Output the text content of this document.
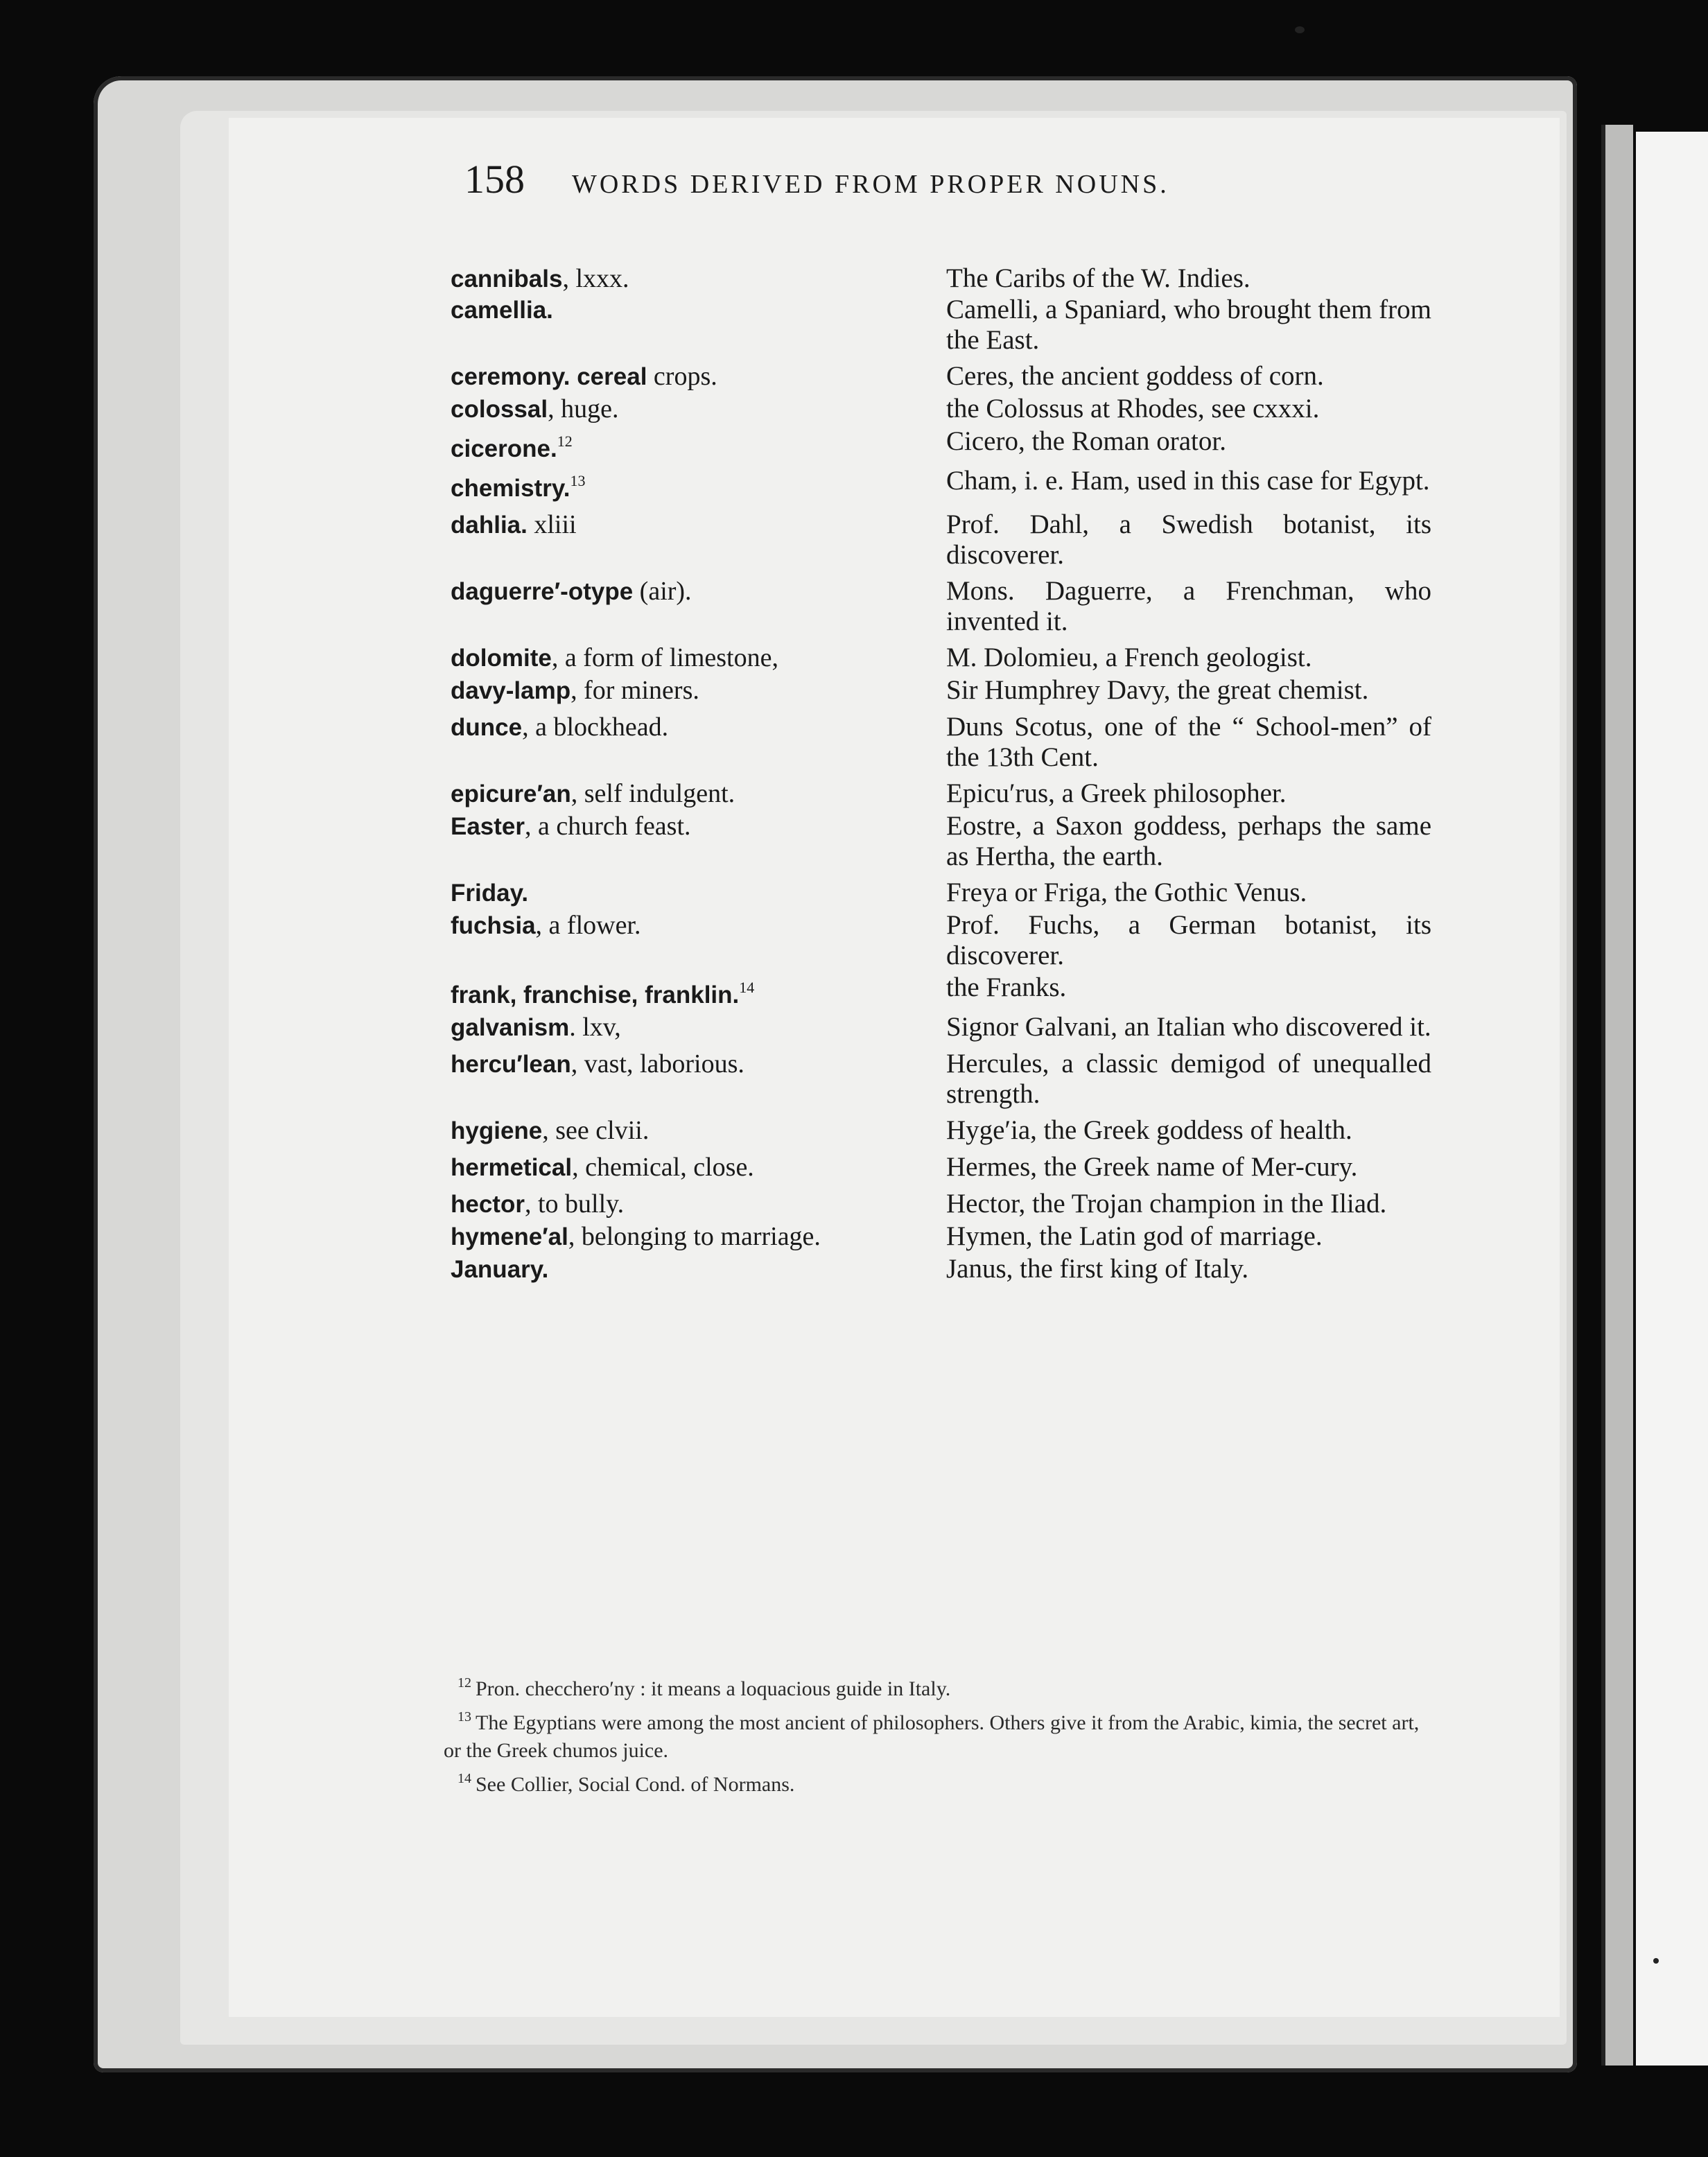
158 WORDS DERIVED FROM PROPER NOUNS.
cannibals, lxxx.	The Caribs of the W. Indies.
camellia.	Camelli, a Spaniard, who brought them from the East.
ceremony. cereal crops.	Ceres, the ancient goddess of corn.
colossal, huge.	the Colossus at Rhodes, see cxxxi.
cicerone.$^{12}$	Cicero, the Roman orator.
chemistry.$^{13}$	Cham, i. e. Ham, used in this case for Egypt.
dahlia. xliii	Prof. Dahl, a Swedish botanist, its discoverer.
daguerre′-otype (air).	Mons. Daguerre, a Frenchman, who invented it.
dolomite, a form of limestone,	M. Dolomieu, a French geologist.
davy-lamp, for miners.	Sir Humphrey Davy, the great chemist.
dunce, a blockhead.	Duns Scotus, one of the “ School-men” of the 13th Cent.
epicure′an, self indulgent.	Epicu′rus, a Greek philosopher.
Easter, a church feast.	Eostre, a Saxon goddess, perhaps the same as Hertha, the earth.
Friday.	Freya or Friga, the Gothic Venus.
fuchsia, a flower.	Prof. Fuchs, a German botanist, its discoverer.
frank, franchise, franklin.$^{14}$	the Franks.
galvanism. lxv,	Signor Galvani, an Italian who discovered it.
hercu′lean, vast, laborious.	Hercules, a classic demigod of unequalled strength.
hygiene, see clvii.	Hyge′ia, the Greek goddess of health.
hermetical, chemical, close.	Hermes, the Greek name of Mer-cury.
hector, to bully.	Hector, the Trojan champion in the Iliad.
hymene′al, belonging to marriage.	Hymen, the Latin god of marriage.
January.	Janus, the first king of Italy.

$^{12}$ Pron. checcherо′ny : it means a loquacious guide in Italy.

$^{13}$ The Egyptians were among the most ancient of philosophers. Others give it from the Arabic, kimia, the secret art, or the Greek chumos juice.

$^{14}$ See Collier, Social Cond. of Normans.
